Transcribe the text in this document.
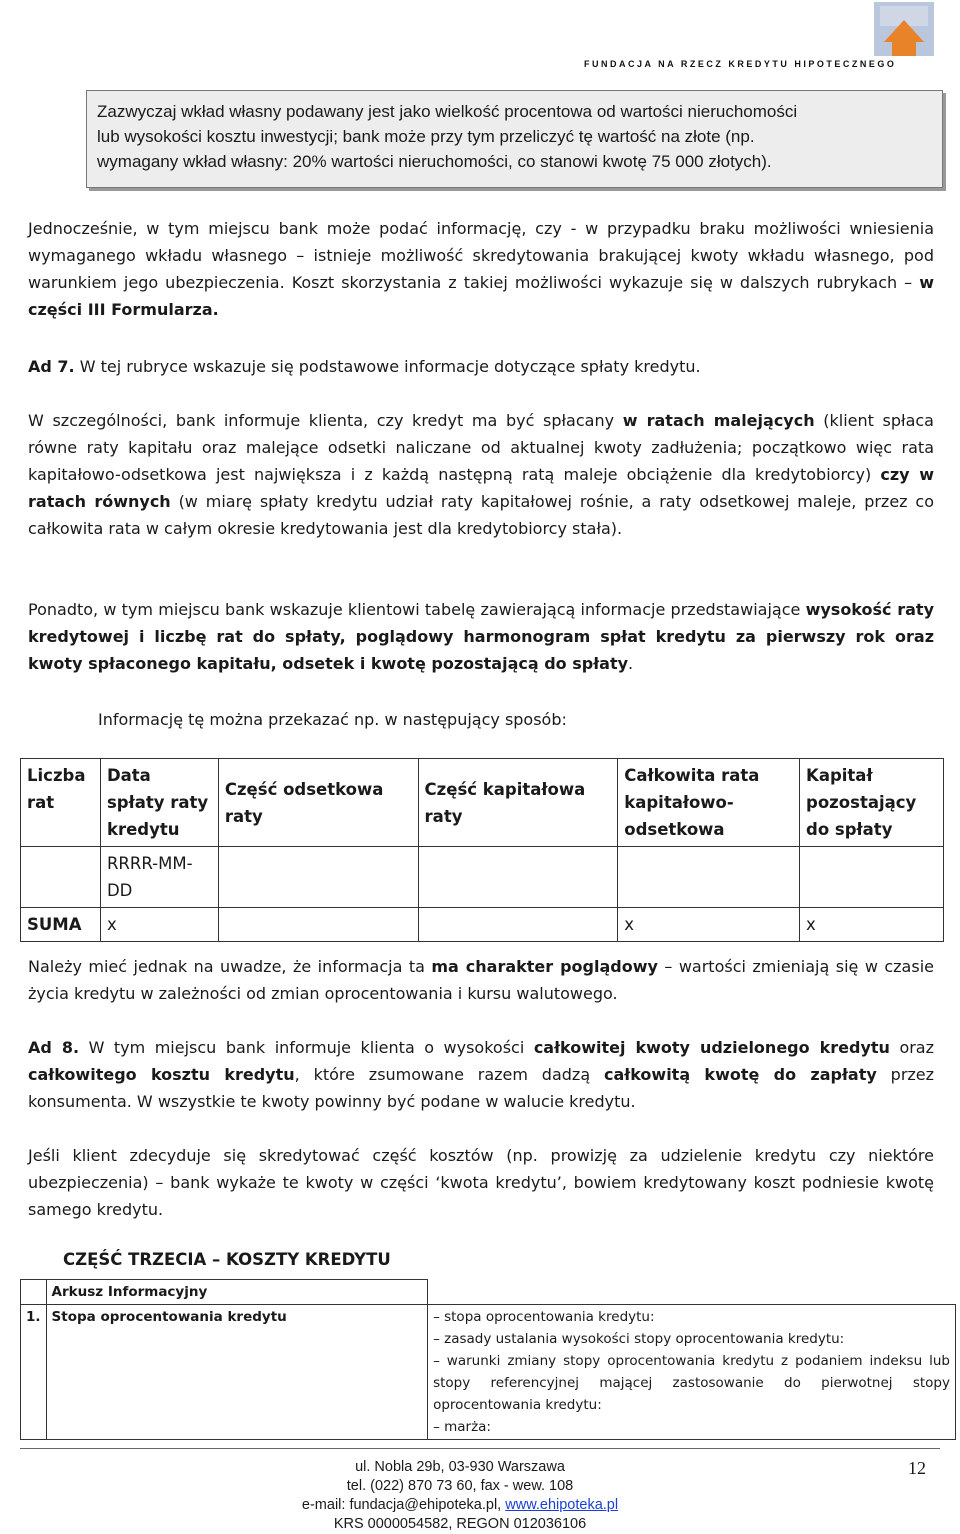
FUNDACJA NA RZECZ KREDYTU HIPOTECZNEGO

Zazwyczaj wkład własny podawany jest jako wielkość procentowa od wartości nieruchomości

lub wysokości kosztu inwestycji; bank może przy tym przeliczyć tę wartość na złote (np.

wymagany wkład własny: 20% wartości nieruchomości, co stanowi kwotę 75 000 złotych).

Jednocześnie, w tym miejscu bank może podać informację, czy - w przypadku braku możliwości wniesienia wymaganego wkładu własnego – istnieje możliwość skredytowania brakującej kwoty wkładu własnego, pod warunkiem jego ubezpieczenia. Koszt skorzystania z takiej możliwości wykazuje się w dalszych rubrykach – w części III Formularza.
Ad 7. W tej rubryce wskazuje się podstawowe informacje dotyczące spłaty kredytu.
W szczególności, bank informuje klienta, czy kredyt ma być spłacany w ratach malejących (klient spłaca równe raty kapitału oraz malejące odsetki naliczane od aktualnej kwoty zadłużenia; początkowo więc rata kapitałowo-odsetkowa jest największa i z każdą następną ratą maleje obciążenie dla kredytobiorcy) czy w ratach równych (w miarę spłaty kredytu udział raty kapitałowej rośnie, a raty odsetkowej maleje, przez co całkowita rata w całym okresie kredytowania jest dla kredytobiorcy stała).
Ponadto, w tym miejscu bank wskazuje klientowi tabelę zawierającą informacje przedstawiające wysokość raty kredytowej i liczbę rat do spłaty, poglądowy harmonogram spłat kredytu za pierwszy rok oraz kwoty spłaconego kapitału, odsetek i kwotę pozostającą do spłaty.
Informację tę można przekazać np. w następujący sposób:
Liczba rat	Data spłaty raty kredytu	Część odsetkowa raty	Część kapitałowa raty	Całkowita rata kapitałowo-odsetkowa	Kapitał pozostający do spłaty
	RRRR-MM-DD				
SUMA	x			x	x
Należy mieć jednak na uwadze, że informacja ta ma charakter poglądowy – wartości zmieniają się w czasie życia kredytu w zależności od zmian oprocentowania i kursu walutowego.
Ad 8. W tym miejscu bank informuje klienta o wysokości całkowitej kwoty udzielonego kredytu oraz całkowitego kosztu kredytu, które zsumowane razem dadzą całkowitą kwotę do zapłaty przez konsumenta. W wszystkie te kwoty powinny być podane w walucie kredytu.
Jeśli klient zdecyduje się skredytować część kosztów (np. prowizję za udzielenie kredytu czy niektóre ubezpieczenia) – bank wykaże te kwoty w części ‘kwota kredytu’, bowiem kredytowany koszt podniesie kwotę samego kredytu.
CZĘŚĆ TRZECIA – KOSZTY KREDYTU
	Arkusz Informacyjny	
1.	Stopa oprocentowania kredytu	– stopa oprocentowania kredytu:
– zasady ustalania wysokości stopy oprocentowania kredytu:
– warunki zmiany stopy oprocentowania kredytu z podaniem indeksu lub stopy referencyjnej mającej zastosowanie do pierwotnej stopy oprocentowania kredytu:
– marża:
ul. Nobla 29b, 03-930 Warszawa
tel. (022) 870 73 60, fax - wew. 108
e-mail: fundacja@ehipoteka.pl, www.ehipoteka.pl
KRS 0000054582, REGON 012036106
12
